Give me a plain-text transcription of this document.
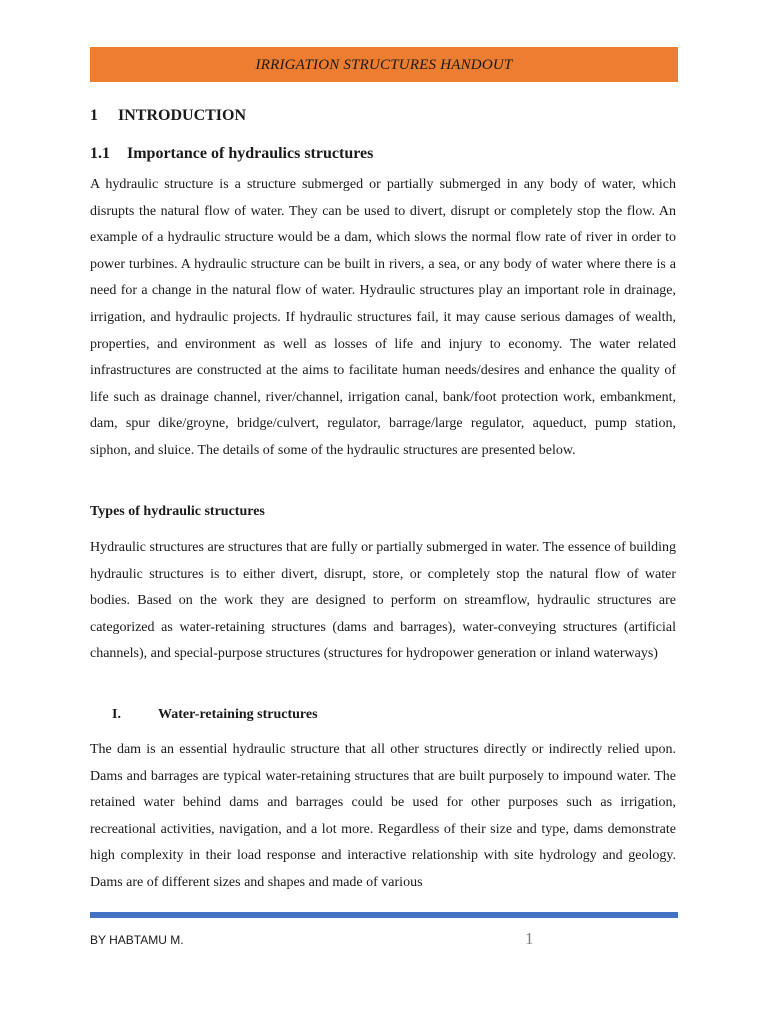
IRRIGATION STRUCTURES HANDOUT
1 INTRODUCTION
1.1 Importance of hydraulics structures

A hydraulic structure is a structure submerged or partially submerged in any body of water, which disrupts the natural flow of water. They can be used to divert, disrupt or completely stop the flow. An example of a hydraulic structure would be a dam, which slows the normal flow rate of river in order to power turbines. A hydraulic structure can be built in rivers, a sea, or any body of water where there is a need for a change in the natural flow of water. Hydraulic structures play an important role in drainage, irrigation, and hydraulic projects. If hydraulic structures fail, it may cause serious damages of wealth, properties, and environment as well as losses of life and injury to economy. The water related infrastructures are constructed at the aims to facilitate human needs/desires and enhance the quality of life such as drainage channel, river/channel, irrigation canal, bank/foot protection work, embankment, dam, spur dike/groyne, bridge/culvert, regulator, barrage/large regulator, aqueduct, pump station, siphon, and sluice. The details of some of the hydraulic structures are presented below.

Types of hydraulic structures

Hydraulic structures are structures that are fully or partially submerged in water. The essence of building hydraulic structures is to either divert, disrupt, store, or completely stop the natural flow of water bodies. Based on the work they are designed to perform on streamflow, hydraulic structures are categorized as water-retaining structures (dams and barrages), water-conveying structures (artificial channels), and special-purpose structures (structures for hydropower generation or inland waterways)

I.	Water-retaining structures

The dam is an essential hydraulic structure that all other structures directly or indirectly relied upon. Dams and barrages are typical water-retaining structures that are built purposely to impound water. The retained water behind dams and barrages could be used for other purposes such as irrigation, recreational activities, navigation, and a lot more. Regardless of their size and type, dams demonstrate high complexity in their load response and interactive relationship with site hydrology and geology. Dams are of different sizes and shapes and made of various

BY HABTAMU M.	1
